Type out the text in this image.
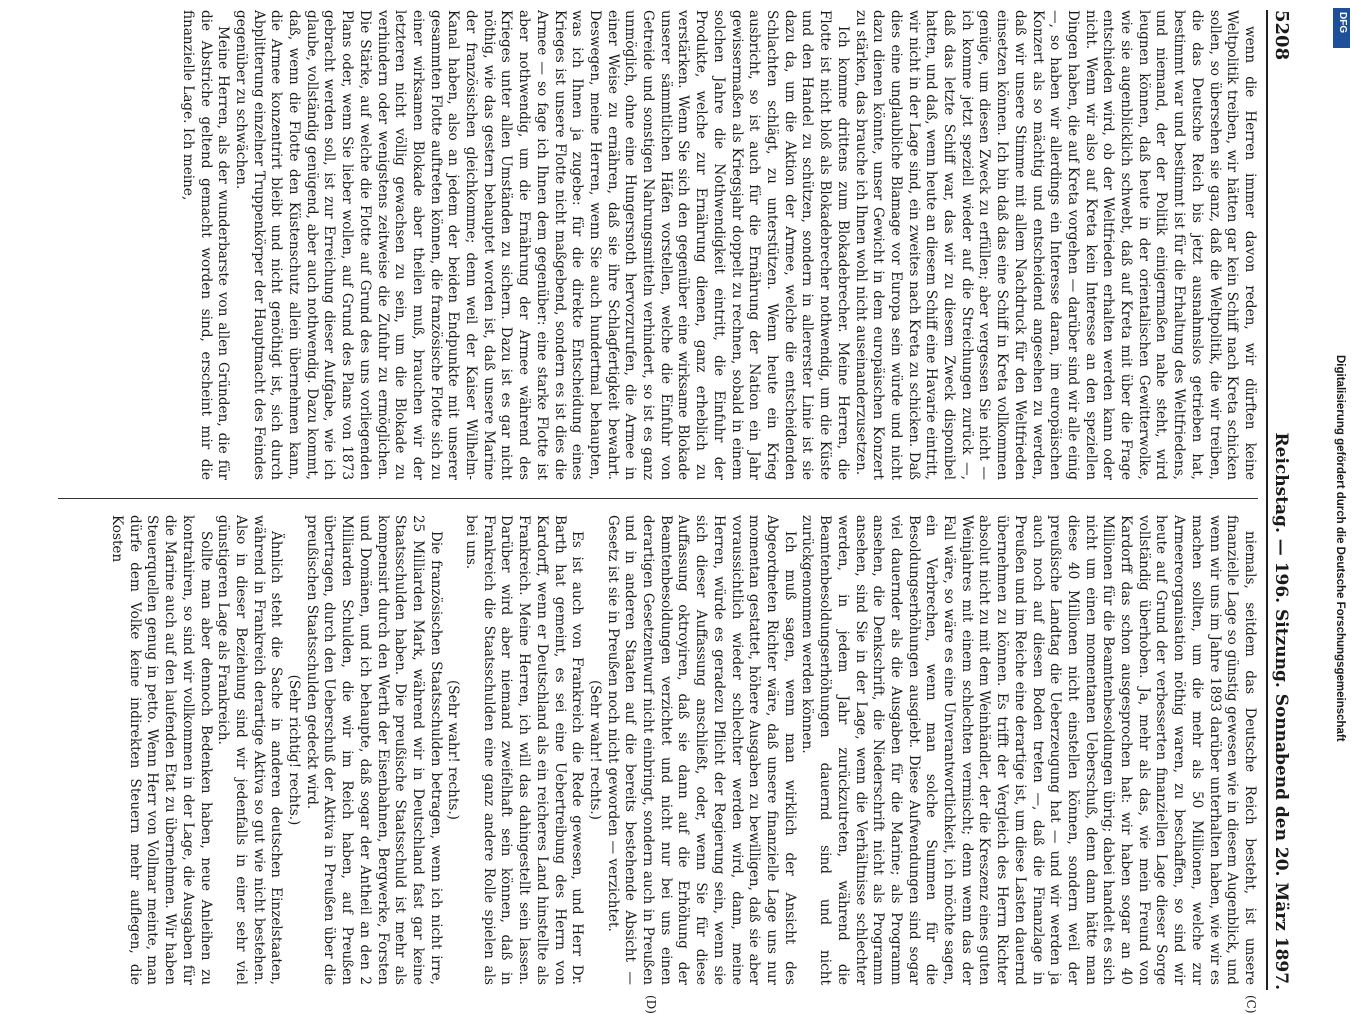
5208
Reichstag. — 196. Sitzung. Sonnabend den 20. März 1897.

wenn die Herren immer davon reden, wir dürften keine Weltpolitik treiben, wir hätten gar kein Schiff nach Kreta schicken sollen, so übersehen sie ganz, daß die Weltpolitik, die wir treiben, die das Deutsche Reich bis jetzt ausnahmslos getrieben hat, bestimmt war und bestimmt ist für die Erhaltung des Weltfriedens, und niemand, der der Politik einigermaßen nahe steht, wird leugnen können, daß heute in der orientalischen Gewitterwolke, wie sie augenblicklich schwebt, daß auf Kreta mit über die Frage entschieden wird, ob der Weltfrieden erhalten werden kann oder nicht. Wenn wir also auf Kreta kein Interesse an den speziellen Dingen haben, die auf Kreta vorgehen — darüber sind wir alle einig —, so haben wir allerdings ein Interesse daran, im europäischen Konzert als so mächtig und entscheidend angesehen zu werden, daß wir unsere Stimme mit allem Nachdruck für den Weltfrieden einsetzen können. Ich bin daß das eine Schiff in Kreta vollkommen genüge, um diesen Zweck zu erfüllen; aber vergessen Sie nicht — ich komme jetzt speziell wieder auf die Streichungen zurück —, daß das letzte Schiff war, das wir zu diesem Zweck disponibel hatten, und daß, wenn heute an diesem Schiff eine Havarie eintritt, wir nicht in der Lage sind, ein zweites nach Kreta zu schicken. Daß dies eine unglaubliche Blamage vor Europa sein würde und nicht dazu dienen könnte, unser Gewicht in dem europäischen Konzert zu stärken, das brauche ich Ihnen wohl nicht auseinanderzusetzen.

Ich komme drittens zum Blokadebrecher. Meine Herren, die Flotte ist nicht bloß als Blokadebrecher nothwendig, um die Küste und den Handel zu schützen, sondern in allererster Linie ist sie dazu da, um die Aktion der Armee, welche die entscheidenden Schlachten schlägt, zu unterstützen. Wenn heute ein Krieg ausbricht, so ist auch für die Ernährung der Nation ein Jahr gewissermaßen als Kriegsjahr doppelt zu rechnen, sobald in einem solchen Jahre die Nothwendigkeit eintritt, die Einfuhr der Produkte, welche zur Ernährung dienen, ganz erheblich zu verstärken. Wenn Sie sich den gegenüber eine wirksame Blokade unserer sämmtlichen Häfen vorstellen, welche die Einfuhr von Getreide und sonstigen Nahrungsmitteln verhindert, so ist es ganz unmöglich, ohne eine Hungersnoth hervorzurufen, die Armee in einer Weise zu ernähren, daß sie ihre Schlagfertigkeit bewahrt. Deswegen, meine Herren, wenn Sie auch hundertmal behaupten, was ich Ihnen ja zugebe: für die direkte Entscheidung eines Krieges ist unsere Flotte nicht maßgebend, sondern es ist dies die Armee — so fage ich Ihnen dem gegenüber: eine starke Flotte ist aber nothwendig, um die Ernährung der Armee während des Krieges unter allen Umständen zu sichern. Dazu ist es gar nicht nöthig, wie das gestern behauptet worden ist, daß unsere Marine der französischen gleichkomme; denn weil der Kaiser Wilhelm-Kanal haben, also an jedem der beiden Endpunkte mit unserer gesammten Flotte auftreten können, die französische Flotte sich zu einer wirksamen Blokade aber theilen muß, brauchen wir der letzteren nicht völlig gewachsen zu sein, um die Blokade zu verhindern oder wenigstens zeitweise die Zufuhr zu ermöglichen. Die Stärke, auf welche die Flotte auf Grund des uns vorliegenden Plans oder, wenn Sie lieber wollen, auf Grund des Plans von 1873 gebracht werden soll, ist zur Erreichung dieser Aufgabe, wie ich glaube, vollständig genügend, aber auch nothwendig. Dazu kommt, daß, wenn die Flotte den Küstenschutz allein übernehmen kann, die Armee konzentrirt bleibt und nicht genöthigt ist, sich durch Abplitterung einzelner Truppenkörper der Hauptmacht des Feindes gegenüber zu schwächen.

Meine Herren, als der wunderbarste von allen Gründen, die für die Abstriche geltend gemacht worden sind, erscheint mir die finanzielle Lage. Ich meine,

niemals, seitdem das Deutsche Reich besteht, ist unsere finanzielle Lage so günstig gewesen wie in diesem Augenblick, und wenn wir uns im Jahre 1893 darüber unterhalten haben, wie wir es machen sollten, um die mehr als 50 Millionen, welche zur Armeereorganisation nöthig waren, zu beschaffen, so sind wir heute auf Grund der verbesserten finanziellen Lage dieser Sorge vollständig überhoben. Ja, mehr als das, wie mein Freund von Kardorff das schon ausgesprochen hat: wir haben sogar an 40 Millionen für die Beamtenbesoldungen übrig; dabei handelt es sich nicht um einen momentanen Ueberschuß, denn dann hätte man diese 40 Millionen nicht einstellen können, sondern weil der preußische Landtag die Ueberzeugung hat — und wir werden ja auch noch auf diesen Boden treten —, daß die Finanzlage in Preußen und im Reiche eine derartige ist, um diese Lasten dauernd übernehmen zu können. Es trifft der Vergleich des Herrn Richter absolut nicht zu mit dem Weinhändler, der die Kreszenz eines guten Weinjahres mit einem schlechten vermischt; denn wenn das der Fall wäre, so wäre es eine Unverantwortlichkeit, ich möchte sagen, ein Verbrechen, wenn man solche Summen für die Besoldungserhöhungen ausgiebt. Diese Aufwendungen sind sogar viel dauernder als die Ausgaben für die Marine; als Programm ansehen, die Denkschrift, die Niederschrift nicht als Programm ansehen, sind Sie in der Lage, wenn die Verhältnisse schlechter werden, in jedem Jahr zurückzutreten, während die Beamtenbesoldungserhöhungen dauernd sind und nicht zurückgenommen werden können.

Ich muß sagen, wenn man wirklich der Ansicht des Abgeordneten Richter wäre, daß unsere finanzielle Lage uns nur momentan gestattet, höhere Ausgaben zu bewilligen, daß sie aber voraussichtlich wieder schlechter werden wird, dann, meine Herren, würde es geradezu Pflicht der Regierung sein, wenn sie sich dieser Auffassung anschließt, oder, wenn Sie für diese Auffassung oktroyiren, daß sie dann auf die Erhöhung der Beamtenbesoldungen verzichtet und nicht nur bei uns einen derartigen Gesetzentwurf nicht einbringt, sondern auch in Preußen und in anderen Staaten auf die bereits bestehende Absicht — Gesetz ist sie in Preußen noch nicht geworden — verzichtet.

(Sehr wahr! rechts.)

Es ist auch von Frankreich die Rede gewesen, und Herr Dr. Barth hat gemeint, es sei eine Uebertreibung des Herrn von Kardorff, wenn er Deutschland als ein reicheres Land hinstellte als Frankreich. Meine Herren, ich will das dahingestellt sein lassen. Darüber wird aber niemand zweifelhaft sein können, daß in Frankreich die Staatsschulden eine ganz andere Rolle spielen als bei uns.

(Sehr wahr! rechts.)

Die französischen Staatsschulden betragen, wenn ich nicht irre, 25 Milliarden Mark, während wir in Deutschland fast gar keine Staatsschulden haben. Die preußische Staatsschuld ist mehr als kompensirt durch den Werth der Eisenbahnen, Bergwerke, Forsten und Domänen, und ich behaupte, daß sogar der Antheil an den 2 Milliarden Schulden, die wir im Reich haben, auf Preußen übertragen, durch den Ueberschuß der Aktiva in Preußen über die preußischen Staatsschulden gedeckt wird.

(Sehr richtig! rechts.)

Ähnlich steht die Sache in anderen deutschen Einzelstaaten, während in Frankreich derartige Aktiva so gut wie nicht bestehen. Also in dieser Beziehung sind wir jedenfalls in einer sehr viel günstigeren Lage als Frankreich.

Sollte man aber dennoch Bedenken haben, neue Anleihen zu kontrahiren, so sind wir vollkommen in der Lage, die Ausgaben für die Marine auch auf den laufenden Etat zu übernehmen. Wir haben Steuerquellen genug in petto. Wenn Herr von Vollmar meinte, man dürfe dem Volke keine indirekten Steuern mehr auflegen, die Kosten

(C)
(D)
DFG
Digitalisierung gefördert durch die Deutsche Forschungsgemeinschaft
